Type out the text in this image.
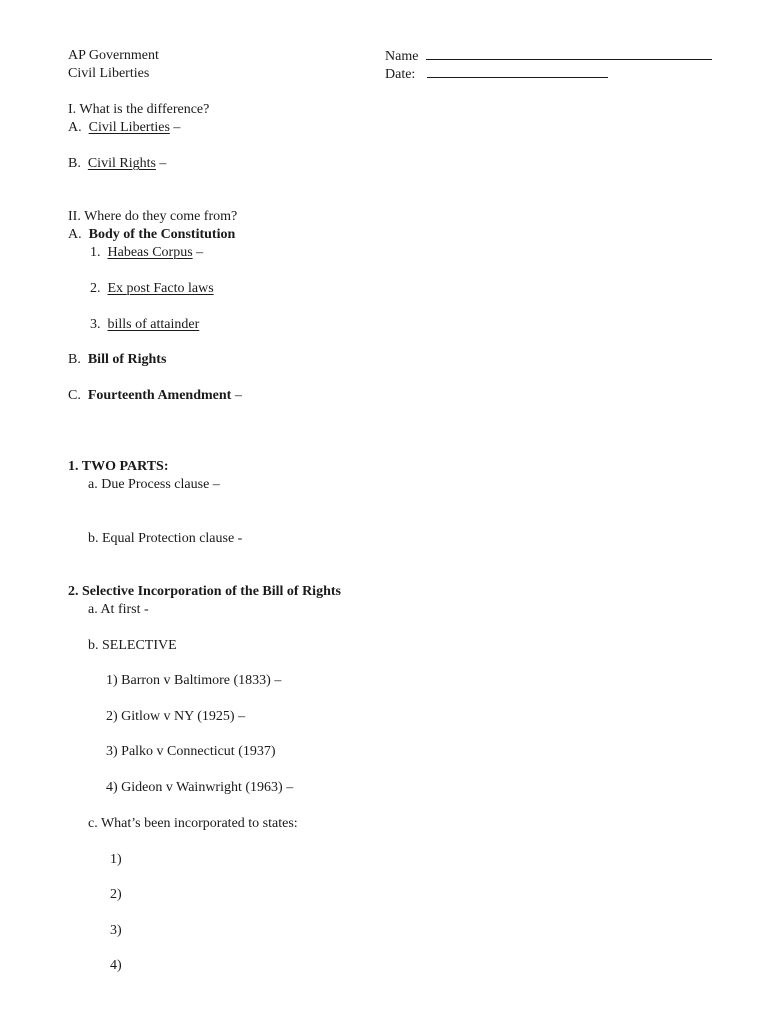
AP Government
Civil Liberties
Name
Date:
I. What is the difference?
A. Civil Liberties –
B. Civil Rights –
II. Where do they come from?
A. Body of the Constitution
1. Habeas Corpus –
2. Ex post Facto laws
3. bills of attainder
B. Bill of Rights
C. Fourteenth Amendment –
1. TWO PARTS:
a. Due Process clause –
b. Equal Protection clause -
2. Selective Incorporation of the Bill of Rights
a. At first -
b. SELECTIVE
1) Barron v Baltimore (1833) –
2) Gitlow v NY (1925) –
3) Palko v Connecticut (1937)
4) Gideon v Wainwright (1963) –
c. What’s been incorporated to states:
1)
2)
3)
4)
